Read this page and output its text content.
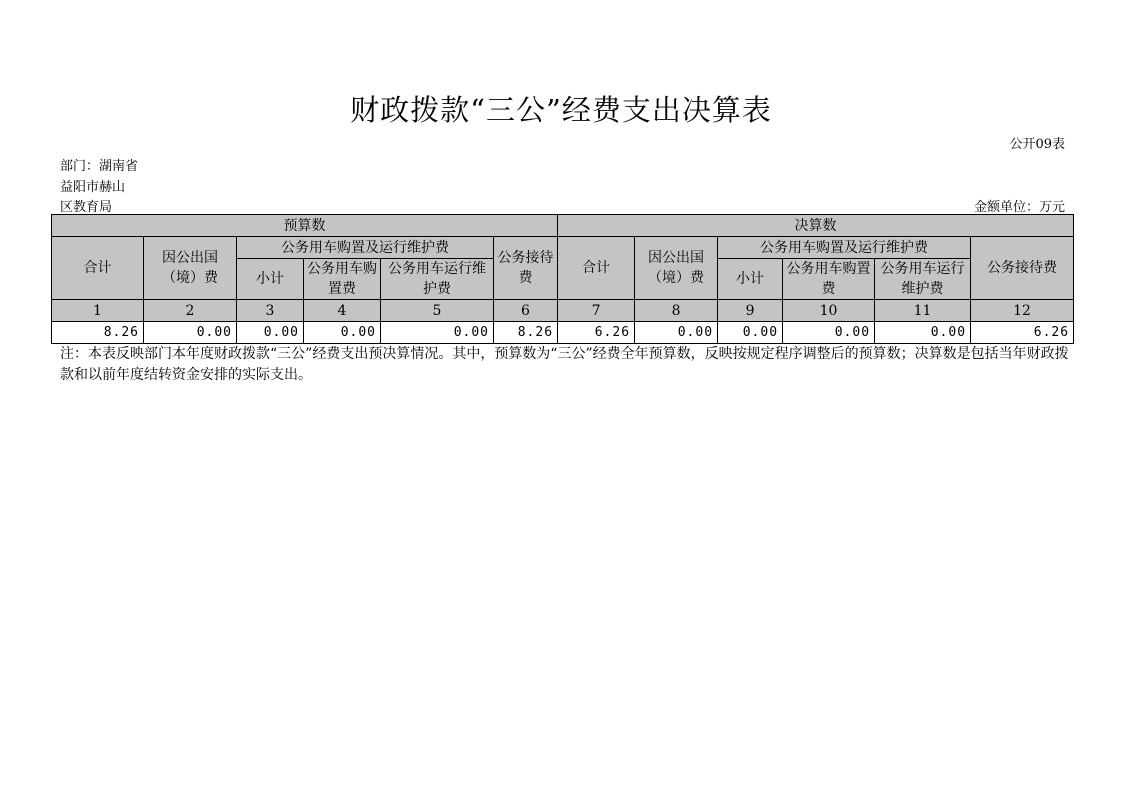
财政拨款“三公”经费支出决算表
公开09表
部门：湖南省
益阳市赫山
区教育局	金额单位：万元
预算数						决算数					
合计	因公出国（境）费	公务用车购置及运行维护费			公务接待费	合计	因公出国（境）费	公务用车购置及运行维护费			公务接待费
		小计	公务用车购置费	公务用车运行维护费				小计	公务用车购置费	公务用车运行维护费	
1	2	3	4	5	6	7	8	9	10	11	12
8.26	0.00	0.00	0.00	0.00	8.26	6.26	0.00	0.00	0.00	0.00	6.26
注：本表反映部门本年度财政拨款“三公”经费支出预决算情况。其中，预算数为“三公”经费全年预算数，反映按规定程序调整后的预算数；决算数是包括当年财政拨款和以前年度结转资金安排的实际支出。
